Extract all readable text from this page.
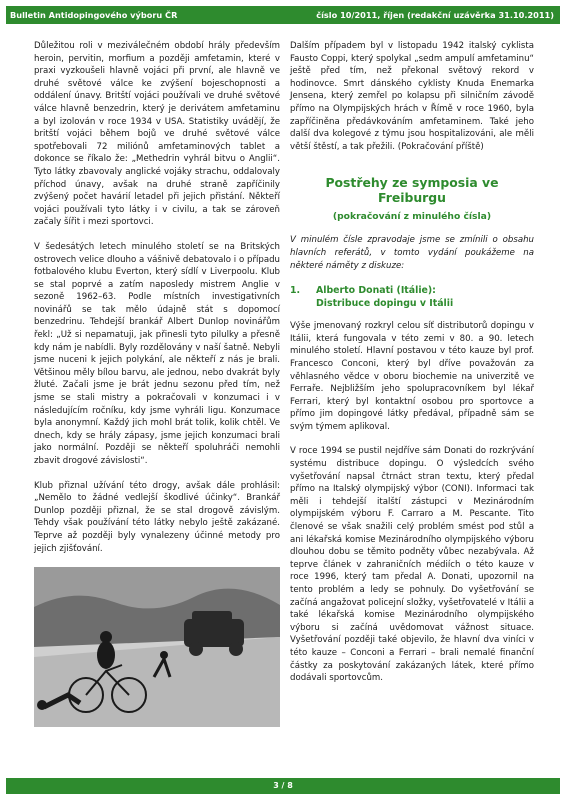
Bulletin Antidopingového výboru ČR	číslo 10/2011, říjen (redakční uzávěrka 31.10.2011)

Důležitou roli v meziválečném období hrály především heroin, pervitin, morfium a později amfetamin, které v praxi vyzkoušeli hlavně vojáci při první, ale hlavně ve druhé světové válce ke zvýšení bojeschopnosti a oddálení únavy. Britští vojáci používali ve druhé světové válce hlavně benzedrin, který je derivátem amfetaminu a byl izolován v roce 1934 v USA. Statistiky uvádějí, že britští vojáci během bojů ve druhé světové válce spotřebovali 72 miliónů amfetaminových tablet a dokonce se říkalo že: „Methedrin vyhrál bitvu o Anglii“. Tyto látky zbavovaly anglické vojáky strachu, oddalovaly příchod únavy, avšak na druhé straně zapříčinily zvýšený počet havárií letadel při jejich přistání. Někteří vojáci používali tyto látky i v civilu, a tak se zároveň začaly šířit i mezi sportovci.

V šedesátých letech minulého století se na Britských ostrovech velice dlouho a vášnivě debatovalo i o případu fotbalového klubu Everton, který sídlí v Liverpoolu. Klub se stal poprvé a zatím naposledy mistrem Anglie v sezoně 1962–63. Podle místních investigativních novinářů se tak mělo údajně stát s dopomocí benzedrinu. Tehdejší brankář Albert Dunlop novinářům řekl: „Už si nepamatuji, jak přinesli tyto pilulky a přesně kdy nám je nabídli. Byly rozdělovány v naší šatně. Nebyli jsme nuceni k jejich polykání, ale někteří z nás je brali. Většinou měly bílou barvu, ale jednou, nebo dvakrát byly žluté. Začali jsme je brát jednu sezonu před tím, než jsme se stali mistry a pokračovali v konzumaci i v následujícím ročníku, kdy jsme vyhráli ligu. Konzumace byla anonymní. Každý jich mohl brát tolik, kolik chtěl. Ve dnech, kdy se hrály zápasy, jsme jejich konzumaci brali jako normální. Později se někteří spoluhráči nemohli zbavit drogové závislosti“.

Klub přiznal užívání této drogy, avšak dále prohlásil: „Nemělo to žádné vedlejší škodlivé účinky“. Brankář Dunlop později přiznal, že se stal drogově závislým. Tehdy však používání této látky nebylo ještě zakázané. Teprve až později byly vynalezeny účinné metody pro jejich zjišťování.

Dalším případem byl v listopadu 1942 italský cyklista Fausto Coppi, který spolykal „sedm ampulí amfetaminu“ ještě před tím, než překonal světový rekord v hodinovce. Smrt dánského cyklisty Knuda Enemarka Jensena, který zemřel po kolapsu při silničním závodě přímo na Olympijských hrách v Římě v roce 1960, byla zapříčiněna předávkováním amfetaminem. Také jeho další dva kolegové z týmu jsou hospitalizováni, ale měli větší štěstí, a tak přežili. (Pokračování příště)

Postřehy ze symposia ve Freiburgu
(pokračování z minulého čísla)

V minulém čísle zpravodaje jsme se zmínili o obsahu hlavních referátů, v tomto vydání poukážeme na některé náměty z diskuze:

1.	Alberto Donati (Itálie):
Distribuce dopingu v Itálii

Výše jmenovaný rozkryl celou síť distributorů dopingu v Itálii, která fungovala v této zemi v 80. a 90. letech minulého století. Hlavní postavou v této kauze byl prof. Francesco Conconi, který byl dříve považován za věhlasného vědce v oboru biochemie na univerzitě ve Ferraře. Nejbližším jeho spolupracovníkem byl lékař Ferrari, který byl kontaktní osobou pro sportovce a přímo jim dopingové látky předával, případně sám se svým týmem aplikoval.

V roce 1994 se pustil nejdříve sám Donati do rozkrývání systému distribuce dopingu. O výsledcích svého vyšetřování napsal čtrnáct stran textu, který předal přímo na Italský olympijský výbor (CONI). Informaci tak měli i tehdejší italští zástupci v Mezinárodním olympijském výboru F. Carraro a M. Pescante. Tito členové se však snažili celý problém smést pod stůl a ani lékařská komise Mezinárodního olympijského výboru dlouhou dobu se těmito podněty vůbec nezabývala. Až teprve článek v zahraničních médiích o této kauze v roce 1996, který tam předal A. Donati, upozornil na tento problém a ledy se pohnuly. Do vyšetřování se začíná angažovat policejní složky, vyšetřovatelé v Itálii a také lékařská komise Mezinárodního olympijského výboru si začíná uvědomovat vážnost situace. Vyšetřování později také objevilo, že hlavní dva viníci v této kauze – Conconi a Ferrari – brali nemalé finanční částky za poskytování zakázaných látek, které přímo dodávali sportovcům.

3 / 8
